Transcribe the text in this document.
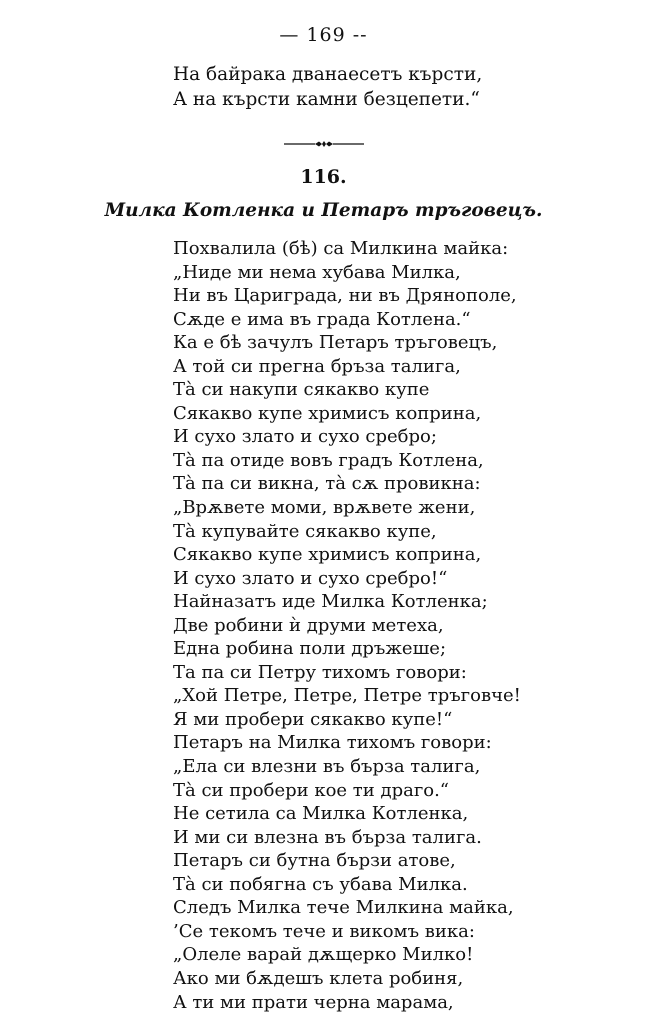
— 169 --
На байрака дванаесетъ кърсти,
А на кърсти камни безцепети.“
116.
Милка Котленка и Петаръ тръговецъ.
Похвалила (бѣ) са Милкина майка:
„Ниде ми нема хубава Милка,
Ни въ Цариграда, ни въ Дрянополе,
Сѫде е има въ града Котлена.“
Ка е бѣ зачулъ Петаръ тръговецъ,
А той си прегна бръза талига,
Тà си накупи сякакво купе
Сякакво купе хримисъ коприна,
И сухо злато и сухо сребро;
Тà па отиде вовъ градъ Котлена,
Тà па си викна, тà сѫ провикна:
„Врѫвете моми, врѫвете жени,
Тà купувайте сякакво купе,
Сякакво купе хримисъ коприна,
И сухо злато и сухо сребро!“
Найназатъ иде Милка Котленка;
Две робини ѝ друми метеха,
Една робина поли дръжеше;
Та па си Петру тихомъ говори:
„Хой Петре, Петре, Петре тръговче!
Я ми пробери сякакво купе!“
Петаръ на Милка тихомъ говори:
„Ела си влезни въ бърза талига,
Тà си пробери кое ти драго.“
Не сетила са Милка Котленка,
И ми си влезна въ бърза талига.
Петаръ си бутна бързи атове,
Тà си побягна съ убава Милка.
Следъ Милка тече Милкина майка,
’Се текомъ тече и викомъ вика:
„Олеле варай дѫщерко Милко!
Ако ми бѫдешъ клета робиня,
А ти ми прати черна марама,
